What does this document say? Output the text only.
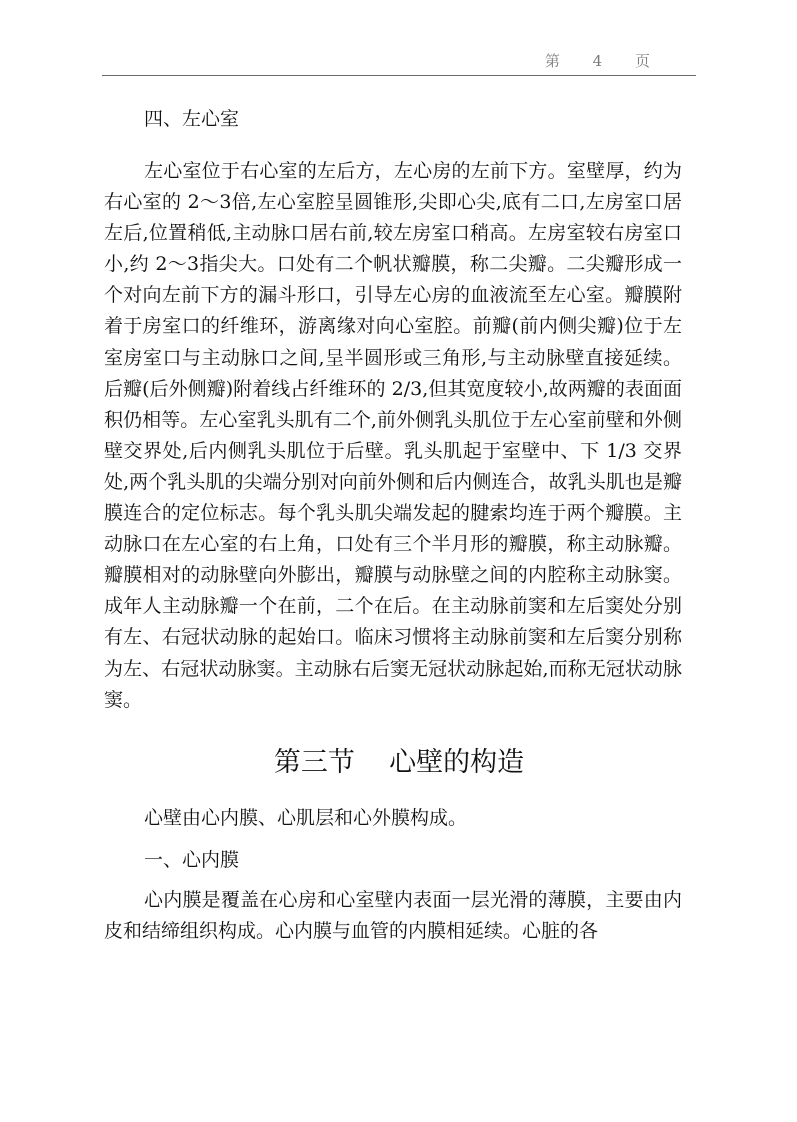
第 4 页
四、左心室

左心室位于右心室的左后方，左心房的左前下方。室壁厚，约为右心室的 2～3倍,左心室腔呈圆锥形,尖即心尖,底有二口,左房室口居左后,位置稍低,主动脉口居右前,较左房室口稍高。左房室较右房室口小,约 2～3指尖大。口处有二个帆状瓣膜，称二尖瓣。二尖瓣形成一个对向左前下方的漏斗形口，引导左心房的血液流至左心室。瓣膜附着于房室口的纤维环，游离缘对向心室腔。前瓣(前内侧尖瓣)位于左室房室口与主动脉口之间,呈半圆形或三角形,与主动脉壁直接延续。后瓣(后外侧瓣)附着线占纤维环的 2/3,但其宽度较小,故两瓣的表面面积仍相等。左心室乳头肌有二个,前外侧乳头肌位于左心室前壁和外侧壁交界处,后内侧乳头肌位于后壁。乳头肌起于室壁中、下 1/3 交界处,两个乳头肌的尖端分别对向前外侧和后内侧连合，故乳头肌也是瓣膜连合的定位标志。每个乳头肌尖端发起的腱索均连于两个瓣膜。主动脉口在左心室的右上角，口处有三个半月形的瓣膜，称主动脉瓣。瓣膜相对的动脉壁向外膨出，瓣膜与动脉壁之间的内腔称主动脉窦。成年人主动脉瓣一个在前，二个在后。在主动脉前窦和左后窦处分别有左、右冠状动脉的起始口。临床习惯将主动脉前窦和左后窦分别称为左、右冠状动脉窦。主动脉右后窦无冠状动脉起始,而称无冠状动脉窦。

第三节    心壁的构造

心壁由心内膜、心肌层和心外膜构成。

一、心内膜

心内膜是覆盖在心房和心室壁内表面一层光滑的薄膜，主要由内皮和结缔组织构成。心内膜与血管的内膜相延续。心脏的各
